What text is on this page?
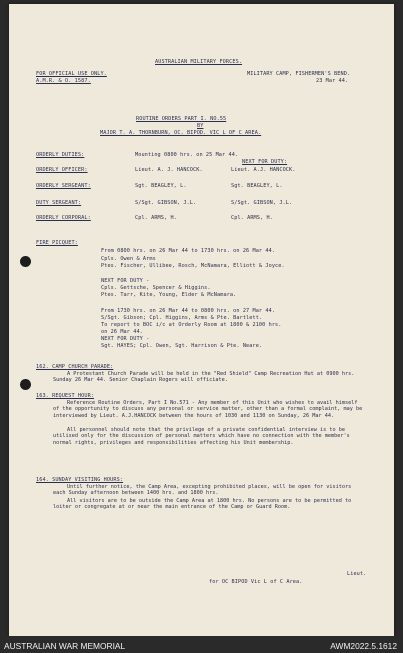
AUSTRALIAN MILITARY FORCES.
FOR OFFICIAL USE ONLY.
A.M.R. & O. 1587.
MILITARY CAMP, FISHERMEN'S BEND.
23 Mar 44.
ROUTINE ORDERS PART I. NO.55
BY
MAJOR T. A. THORNBURN, OC. BIPOD. VIC L OF C AREA.
ORDERLY DUTIES:	Mounting 0800 hrs. on 25 Mar 44.
NEXT FOR DUTY:
ORDERLY OFFICER:	Lieut. A. J. HANCOCK.	Lieut. A.J. HANCOCK.
ORDERLY SERGEANT:	Sgt. BEAGLEY, L.	Sgt. BEAGLEY, L.
DUTY SERGEANT:	S/Sgt. GIBSON, J.L.	S/Sgt. GIBSON, J.L.
ORDERLY CORPORAL:	Cpl. ARMS, H.	Cpl. ARMS, H.
FIRE PICQUET:
From 0800 hrs. on 26 Mar 44 to 1730 hrs. on 26 Mar 44.
Cpls. Owen & Arms
Ptes. Fischer, Ullibee, Rosch, McNamara, Elliott & Joyce.
NEXT FOR DUTY -
Cpls. Gettsche, Spencer & Higgins.
Ptes. Tarr, Kite, Young, Elder & McNamara.
From 1730 hrs. on 26 Mar 44 to 0800 hrs. on 27 Mar 44.
S/Sgt. Gibson; Cpl. Higgins, Arms & Pte. Bartlett.
To report to BOC i/c at Orderly Room at 1800 & 2100 hrs.
on 26 Mar 44.
NEXT FOR DUTY -
Sgt. HAYES; Cpl. Owen, Sgt. Harrison & Pte. Neare.
162. CAMP CHURCH PARADE:
A Protestant Church Parade will be held in the "Red Shield" Camp Recreation Hut at 0900 hrs. Sunday 26 Mar 44. Senior Chaplain Rogers will officiate.
163. REQUEST HOUR:
Reference Routine Orders, Part I No.571 - Any member of this Unit who wishes to avail himself of the opportunity to discuss any personal or service matter, other than a formal complaint, may be interviewed by Lieut. A.J.HANCOCK between the hours of 1030 and 1130 on Sunday, 26 Mar 44.
All personnel should note that the privilege of a private confidential interview is to be utilised only for the discussion of personal matters which have no connection with the member's normal rights, privileges and responsibilities affecting his Unit membership.
164. SUNDAY VISITING HOURS:
Until further notice, the Camp Area, excepting prohibited places, will be open for visitors each Sunday afternoon between 1400 hrs. and 1800 hrs.
All visitors are to be outside the Camp Area at 1800 hrs. No persons are to be permitted to loiter or congregate at or near the main entrance of the Camp or Guard Room.
Lieut.
for OC BIPOD Vic L of C Area.
AUSTRALIAN WAR MEMORIAL	AWM2022.5.1612
